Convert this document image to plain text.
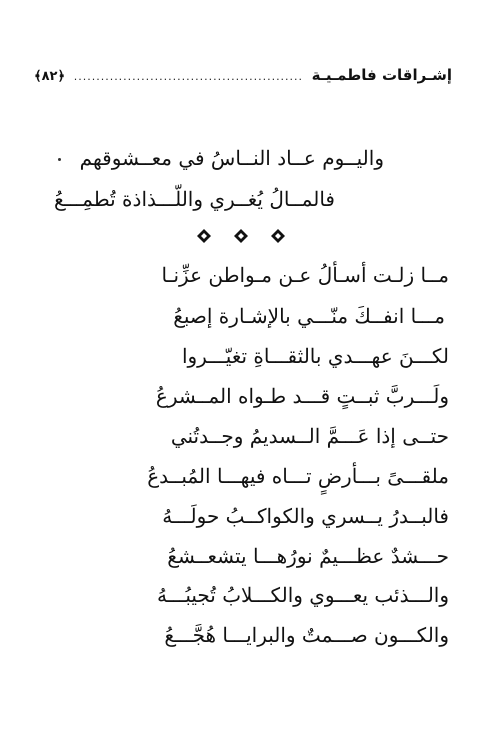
إشـراقات فاطمـيـة
...................................................
﴿٨٢﴾
واليــوم عــاد النــاسُ في معــشوقهم
فالمــالُ يُغــري واللّـــذاذة تُطمِـــعُ
مــا زلـت أسـألُ عـن مـواطن عزِّنـا
مـــا انفــكَ منّـــي بالإشـارة إصبعُ
لكـــنَ عهـــدي بالثقـــاةِ تغيّـــروا
ولَـــربَّ ثبــتٍ قـــد طـواه المــشرعُ
حتــى إذا عَـــمَّ الــسديمُ وجــدتُني
ملقـــىً بـــأرضٍ تـــاه فيهـــا المُبــدعُ
فالبــدرُ يــسري والكواكــبُ حولَـــهُ
حـــشدٌ عظـــيمٌ نورُهـــا يتشعــشعُ
والـــذئب يعـــوي والكـــلابُ تُجيبُـــهُ
والكـــون صـــمتٌ والبرايـــا هُجَّـــعُ
